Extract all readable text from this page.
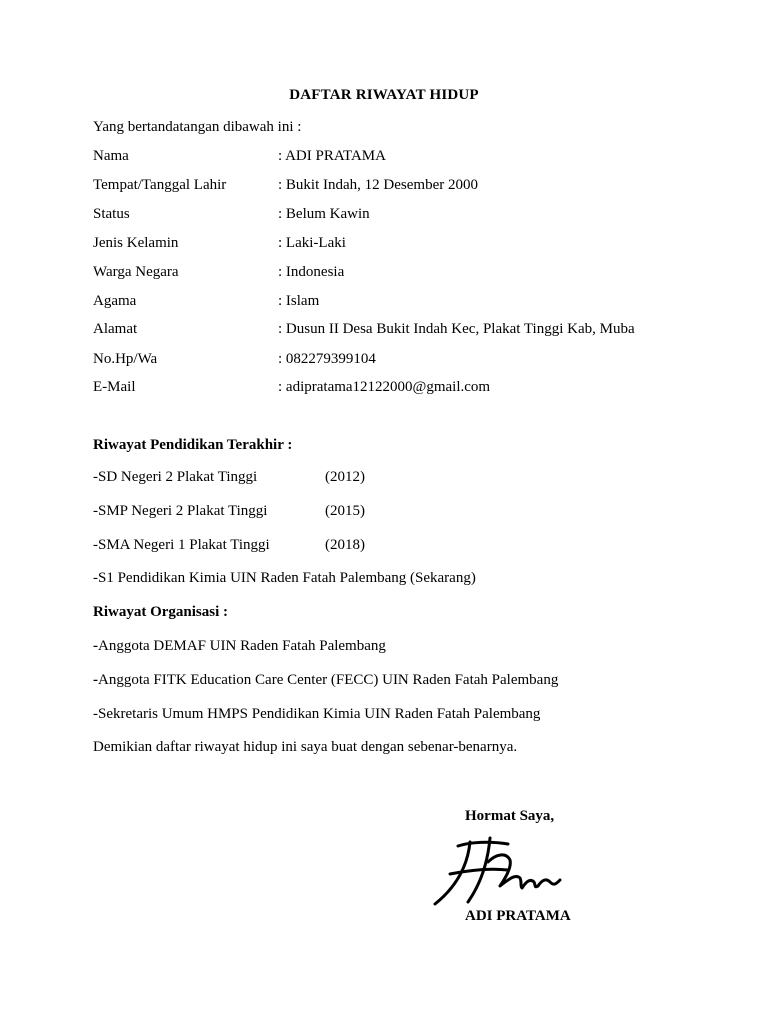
DAFTAR RIWAYAT HIDUP
Yang bertandatangan dibawah ini :
Nama	: ADI PRATAMA
Tempat/Tanggal Lahir	: Bukit Indah, 12 Desember 2000
Status	: Belum Kawin
Jenis Kelamin	: Laki-Laki
Warga Negara	: Indonesia
Agama	: Islam
Alamat	: Dusun II Desa Bukit Indah Kec, Plakat Tinggi Kab, Muba
No.Hp/Wa	: 082279399104
E-Mail	: adipratama12122000@gmail.com
Riwayat Pendidikan Terakhir :
-SD Negeri 2 Plakat Tinggi	(2012)
-SMP Negeri 2 Plakat Tinggi	(2015)
-SMA Negeri 1 Plakat Tinggi	(2018)
-S1 Pendidikan Kimia UIN Raden Fatah Palembang (Sekarang)
Riwayat Organisasi :
-Anggota DEMAF UIN Raden Fatah Palembang
-Anggota FITK Education Care Center (FECC) UIN Raden Fatah Palembang
-Sekretaris Umum HMPS Pendidikan Kimia UIN Raden Fatah Palembang
Demikian daftar riwayat hidup ini saya buat dengan sebenar-benarnya.
Hormat Saya,
ADI PRATAMA
